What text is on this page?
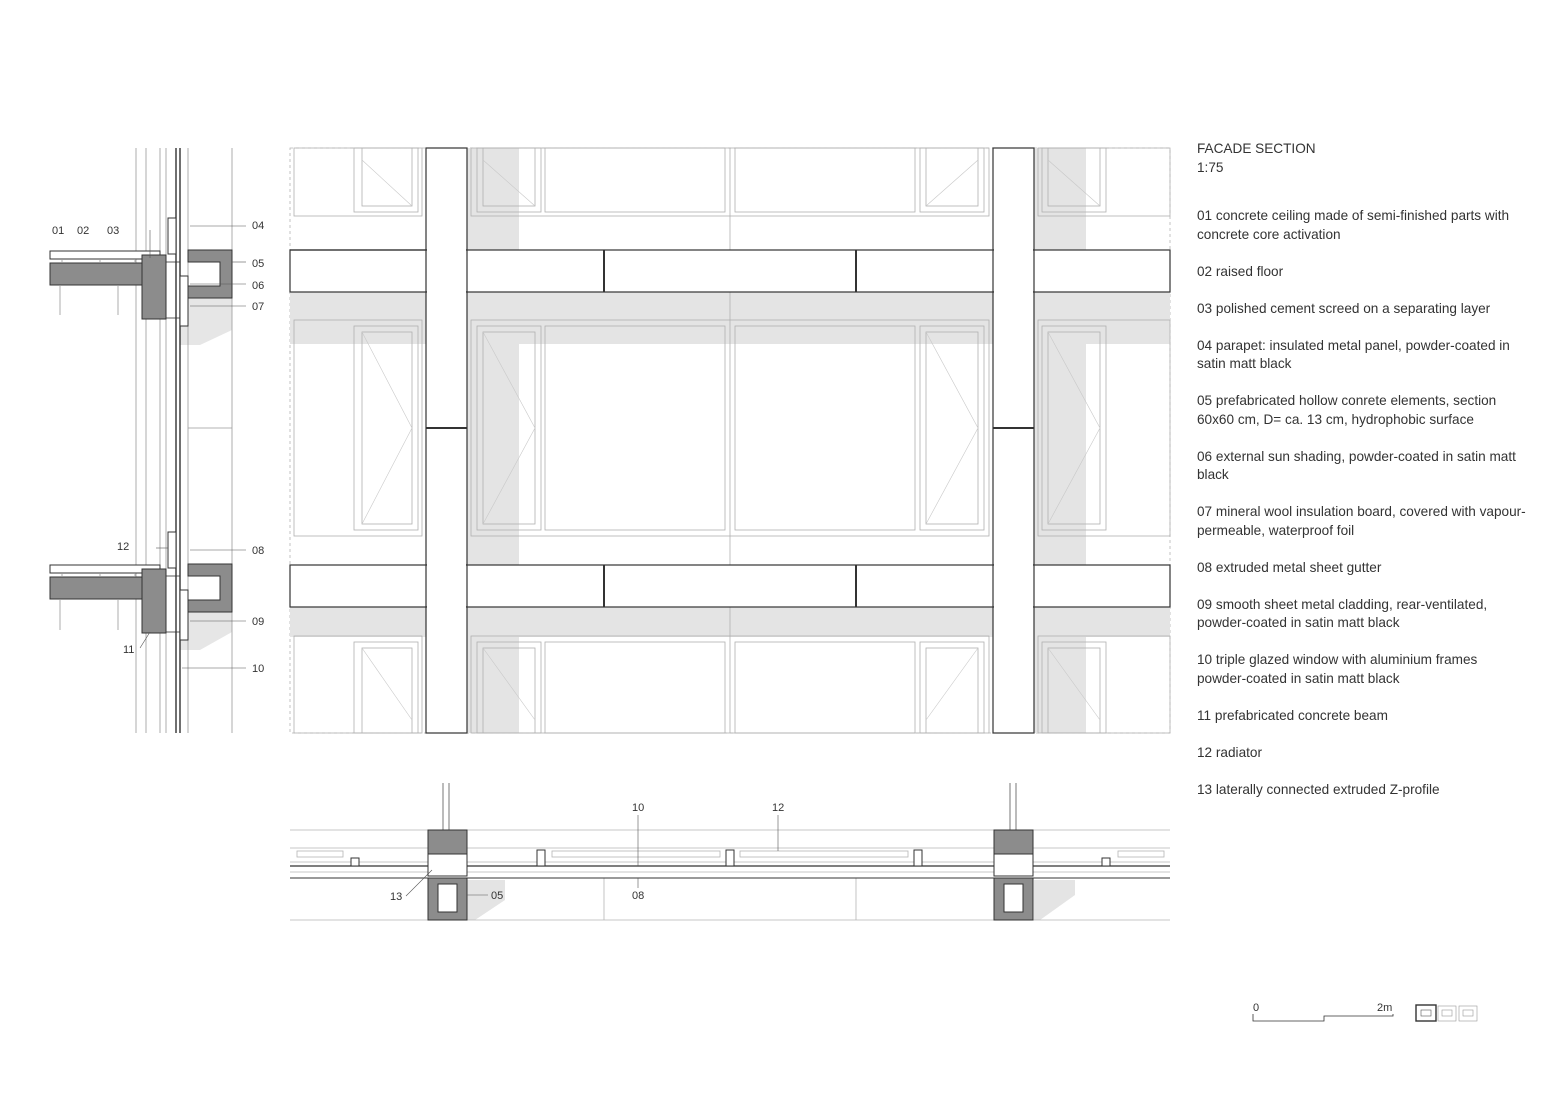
01 02 03	04
05
06
07
08
09
10
11
12
10	12
13	05	08
0	2m

FACADE SECTION

1:75

01 concrete ceiling made of semi-finished parts with concrete core activation
02 raised floor
03 polished cement screed on a separating layer
04 parapet: insulated metal panel, powder-coated in satin matt black
05 prefabricated hollow conrete elements, section 60x60 cm, D= ca. 13 cm, hydrophobic surface
06 external sun shading, powder-coated in satin matt black
07 mineral wool insulation board, covered with vapour-permeable, waterproof foil
08 extruded metal sheet gutter
09 smooth sheet metal cladding, rear-ventilated, powder-coated in satin matt black
10 triple glazed window with aluminium frames powder-coated in satin matt black
11 prefabricated concrete beam
12 radiator
13 laterally connected extruded Z-profile
